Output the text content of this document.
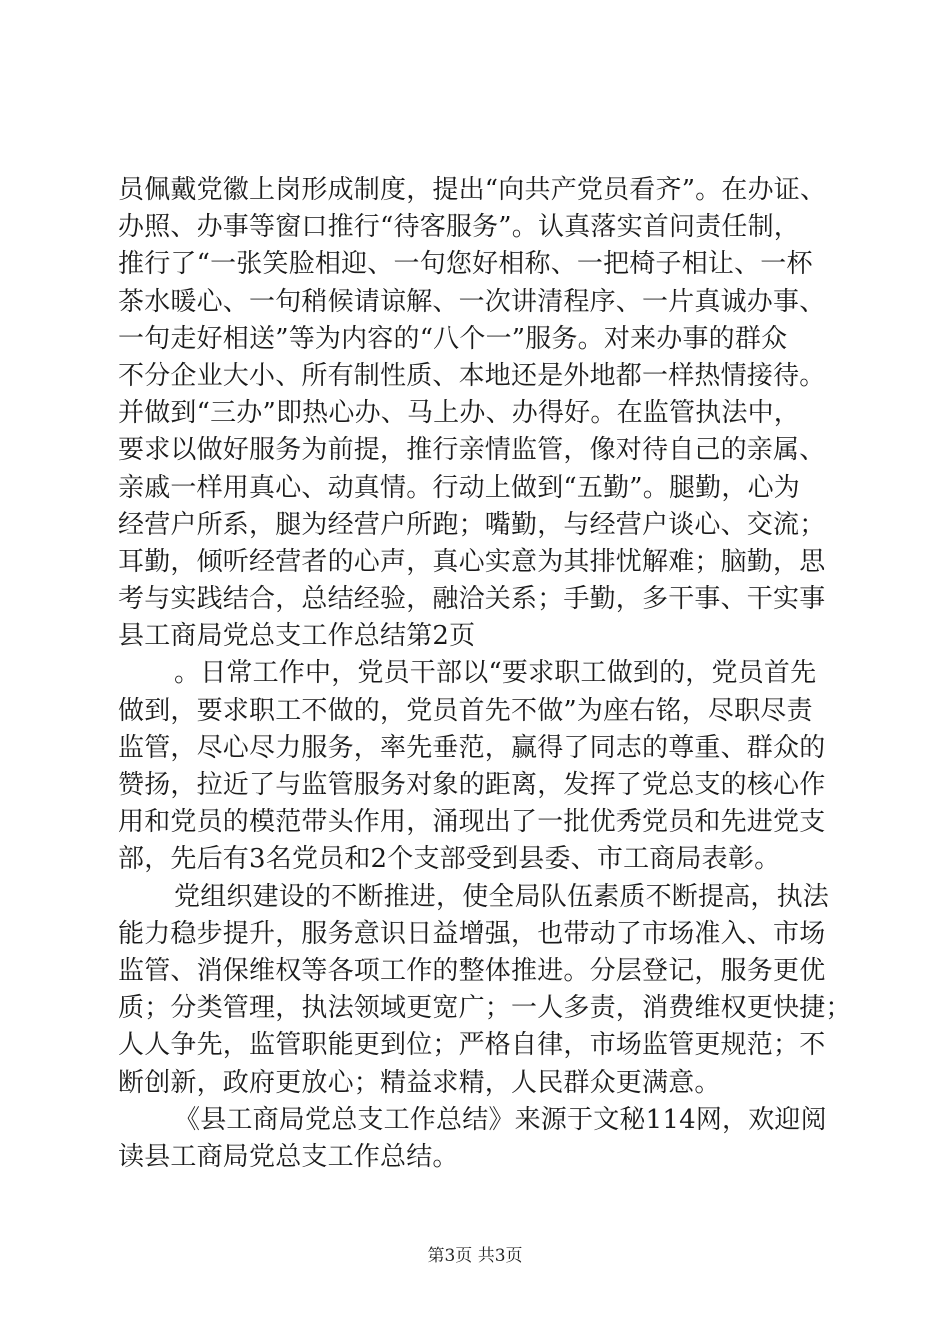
员佩戴党徽上岗形成制度，提出“向共产党员看齐”。在办证、
办照、办事等窗口推行“待客服务”。认真落实首问责任制，
推行了“一张笑脸相迎、一句您好相称、一把椅子相让、一杯
茶水暖心、一句稍候请谅解、一次讲清程序、一片真诚办事、
一句走好相送”等为内容的“八个一”服务。对来办事的群众
不分企业大小、所有制性质、本地还是外地都一样热情接待。
并做到“三办”即热心办、马上办、办得好。在监管执法中，
要求以做好服务为前提，推行亲情监管，像对待自己的亲属、
亲戚一样用真心、动真情。行动上做到“五勤”。腿勤，心为
经营户所系，腿为经营户所跑；嘴勤，与经营户谈心、交流；
耳勤，倾听经营者的心声，真心实意为其排忧解难；脑勤，思
考与实践结合，总结经验，融洽关系；手勤，多干事、干实事
县工商局党总支工作总结第2页
。日常工作中，党员干部以“要求职工做到的，党员首先
做到，要求职工不做的，党员首先不做”为座右铭，尽职尽责
监管，尽心尽力服务，率先垂范，赢得了同志的尊重、群众的
赞扬，拉近了与监管服务对象的距离，发挥了党总支的核心作
用和党员的模范带头作用，涌现出了一批优秀党员和先进党支
部，先后有3名党员和2个支部受到县委、市工商局表彰。
党组织建设的不断推进，使全局队伍素质不断提高，执法
能力稳步提升，服务意识日益增强，也带动了市场准入、市场
监管、消保维权等各项工作的整体推进。分层登记，服务更优
质；分类管理，执法领域更宽广；一人多责，消费维权更快捷；
人人争先，监管职能更到位；严格自律，市场监管更规范；不
断创新，政府更放心；精益求精，人民群众更满意。
《县工商局党总支工作总结》来源于文秘114网，欢迎阅
读县工商局党总支工作总结。
第3页 共3页
